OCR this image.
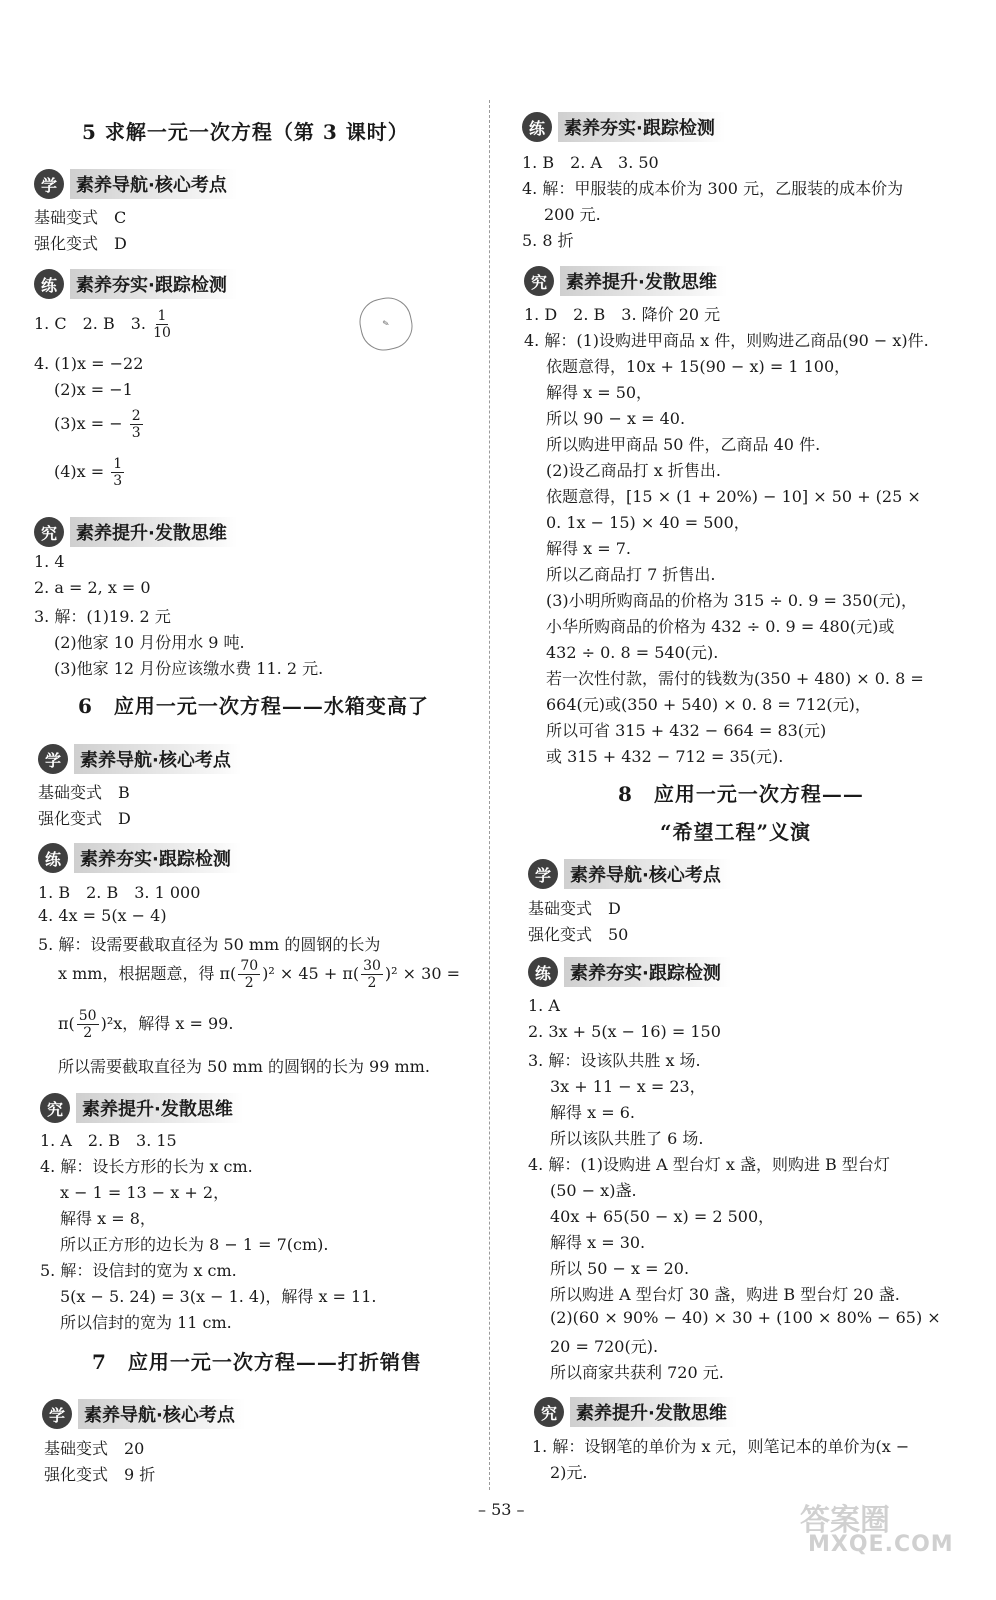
5 求解一元一次方程（第 3 课时）
学	素养导航·核心考点
基础变式　C
强化变式　D
练	素养夯实·跟踪检测
1. C　2. B　3. $\frac{1}{10}$	✎
4. (1)x = −22
(2)x = −1
(3)x = − $\frac{2}{3}$
$(4)x = \frac{1}{3}$
究	素养提升·发散思维
1. 4
2. a = 2, x = 0
3. 解：(1)19. 2 元
(2)他家 10 月份用水 9 吨.
(3)他家 12 月份应该缴水费 11. 2 元.
6　应用一元一次方程——水箱变高了
学	素养导航·核心考点
基础变式　B
强化变式　D
练	素养夯实·跟踪检测
1. B　2. B　3. 1 000
4. 4x = 5(x − 4)
5. 解：设需要截取直径为 50 mm 的圆钢的长为
x mm，根据题意，得 $\pi( \frac{70}{2} )^2 \times 45 + \pi( \frac{30}{2} )^2 \times 30$ =
$\pi( \frac{50}{2} )^2x$，解得 x = 99.
所以需要截取直径为 50 mm 的圆钢的长为 99 mm.
究	素养提升·发散思维
1. A　2. B　3. 15
4. 解：设长方形的长为 x cm.
x − 1 = 13 − x + 2，
解得 x = 8，
所以正方形的边长为 8 − 1 = 7(cm).
5. 解：设信封的宽为 x cm.
5(x − 5. 24) = 3(x − 1. 4)，解得 x = 11.
所以信封的宽为 11 cm.
7　应用一元一次方程——打折销售
学	素养导航·核心考点
基础变式　20
强化变式　9 折
练	素养夯实·跟踪检测
1. B　2. A　3. 50
4. 解：甲服装的成本价为 300 元，乙服装的成本价为
200 元.
5. 8 折
究	素养提升·发散思维
1. D　2. B　3. 降价 20 元
4. 解：(1)设购进甲商品 x 件，则购进乙商品(90 − x)件.
依题意得，10x + 15(90 − x) = 1 100，
解得 x = 50，
所以 90 − x = 40.
所以购进甲商品 50 件，乙商品 40 件.
(2)设乙商品打 x 折售出.
依题意得，[15 × (1 + 20%) − 10] × 50 + (25 ×
0. 1x − 15) × 40 = 500，
解得 x = 7.
所以乙商品打 7 折售出.
(3)小明所购商品的价格为 315 ÷ 0. 9 = 350(元)，
小华所购商品的价格为 432 ÷ 0. 9 = 480(元)或
432 ÷ 0. 8 = 540(元).
若一次性付款，需付的钱数为(350 + 480) × 0. 8 =
664(元)或(350 + 540) × 0. 8 = 712(元)，
所以可省 315 + 432 − 664 = 83(元)
或 315 + 432 − 712 = 35(元).
8　应用一元一次方程——
“希望工程”义演
学	素养导航·核心考点
基础变式　D
强化变式　50
练	素养夯实·跟踪检测
1. A
2. 3x + 5(x − 16) = 150
3. 解：设该队共胜 x 场.
3x + 11 − x = 23，
解得 x = 6.
所以该队共胜了 6 场.
4. 解：(1)设购进 A 型台灯 x 盏，则购进 B 型台灯
(50 − x)盏.
40x + 65(50 − x) = 2 500，
解得 x = 30.
所以 50 − x = 20.
所以购进 A 型台灯 30 盏，购进 B 型台灯 20 盏.
(2)(60 × 90% − 40) × 30 + (100 × 80% − 65) ×
20 = 720(元).
所以商家共获利 720 元.
究	素养提升·发散思维
1. 解：设钢笔的单价为 x 元，则笔记本的单价为(x −
2)元.
– 53 –	答案圈
MXQE.COM
